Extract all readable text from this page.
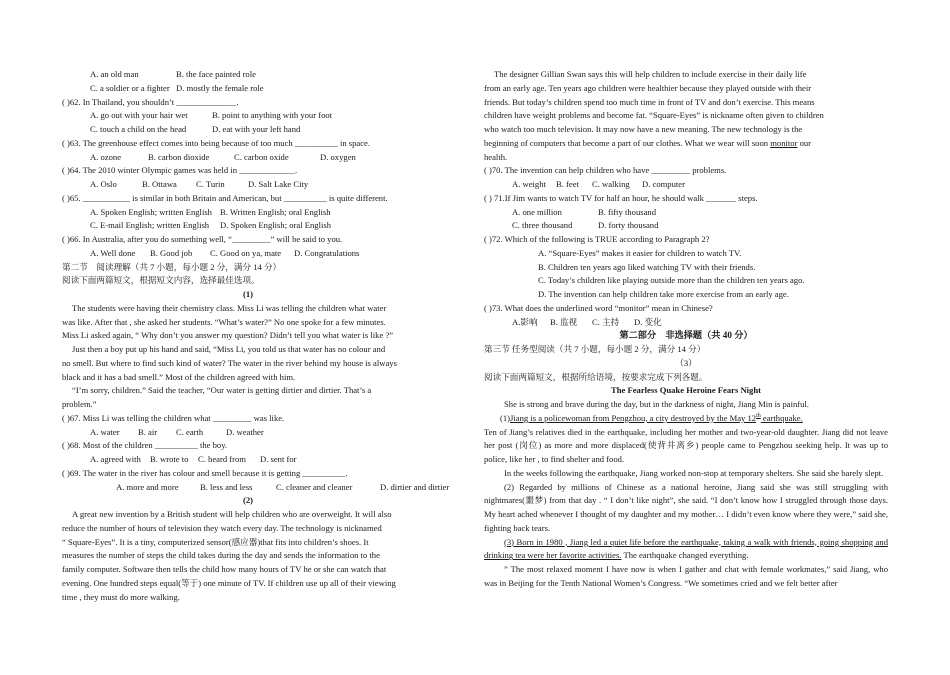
A. an old man	B. the face painted role
C. a soldier or a fighter D. mostly the female role
( )62. In Thailand, you shouldn’t ______________.
A. go out with your hair wet	B. point to anything with your foot
C. touch a child on the head	D. eat with your left hand
( )63. The greenhouse effect comes into being because of too much __________ in space.
A. ozone	B. carbon dioxide	C. carbon oxide	D. oxygen
( )64. The 2010 winter Olympic games was held in _____________.
A. Oslo	B. Ottawa C. Turin	D. Salt Lake City
( )65. ___________ is similar in both Britain and American, but __________ is quite different.
A. Spoken English; written English B. Written English; oral English
C. E-mail English; written English D. Spoken English; oral English
( )66. In Australia, after you do something well, “_________” will be said to you.
A. Well done B. Good job C. Good on ya, mate D. Congratulations
第二节　阅读理解（共 7 小题，每小题 2 分，满分 14 分）
阅读下面两篇短文，根据短文内容，选择最佳选项。
(1)
The students were having their chemistry class. Miss Li was telling the children what water
was like. After that , she asked her students. “What’s water?” No one spoke for a few minutes.
Miss Li asked again, “ Why don’t you answer my question? Didn’t tell you what water is like ?”
Just then a boy put up his hand and said, “Miss Li, you told us that water has no colour and
no smell. But where to find such kind of water? The water in the river behind my house is always
black and it has a bad smell.” Most of the children agreed with him.
“I’m sorry, children.” Said the teacher, “Our water is getting dirtier and dirtier. That’s a
problem.”
( )67. Miss Li was telling the children what _________ was like.
A. water B. air C. earth	D. weather
( )68. Most of the children __________ the boy.
A. agreed with B. wrote to C. heard from D. sent for
( )69. The water in the river has colour and smell because it is getting __________.
A. more and more B. less and less	C. cleaner and cleaner	D. dirtier and dirtier
(2)
A great new invention by a British student will help children who are overweight. It will also
reduce the number of hours of television they watch every day. The technology is nicknamed
“ Square-Eyes”. It is a tiny, computerized sensor(感应器)that fits into children’s shoes. It
measures the number of steps the child takes during the day and sends the information to the
family computer. Software then tells the child how many hours of TV he or she can watch that
evening. One hundred steps equal(等于) one minute of TV. If children use up all of their viewing
time , they must do more walking.
The designer Gillian Swan says this will help children to include exercise in their daily life
from an early age. Ten years ago children were healthier because they played outside with their
friends. But today’s children spend too much time in front of TV and don’t exercise. This means
children have weight problems and become fat. “Square-Eyes” is nickname often given to children
who watch too much television. It may now have a new meaning. The new technology is the
beginning of computers that become a part of our clothes. What we wear will soon monitor our
health.
( )70. The invention can help children who have _________ problems.
A. weight B. feet C. walking D. computer
( ) 71.If Jim wants to watch TV for half an hour, he should walk _______ steps.
A. one million	B. fifty thousand
C. three thousand	D. forty thousand
( )72. Which of the following is TRUE according to Paragraph 2?
A. “Square-Eyes” makes it easier for children to watch TV.
B. Children ten years ago liked watching TV with their friends.
C. Today’s children like playing outside more than the children ten years ago.
D. The invention can help children take more exercise from an early age.
( )73. What does the underlined word “monitor” mean in Chinese?
A.影响 B. 监视 C. 主持 D. 变化
第二部分　非选择题（共 40 分）
第三节 任务型阅读（共 7 小题，每小题 2 分，满分 14 分）
（3）
阅读下面两篇短文，根据所给语境，按要求完成下列各题。
The Fearless Quake Heroine Fears Night
She is strong and brave during the day, but in the darkness of night, Jiang Min is painful.
(1)Jiang is a policewoman from Pengzhou, a city destroyed by the May 12th earthquake.
Ten of Jiang’s relatives died in the earthquake, including her mother and two-year-old daughter. Jiang did not leave her post (岗位) as more and more displaced(使背井离乡) people came to Pengzhou seeking help. It was up to police, like her , to find shelter and food.
In the weeks following the earthquake, Jiang worked non-stop at temporary shelters. She said she barely slept.
(2) Regarded by millions of Chinese as a national heroine, Jiang said she was still struggling with nightmares(噩梦) from that day . “ I don’t like night”, she said. “I don’t know how I struggled through those days. My heart ached whenever I thought of my daughter and my mother… I didn’t even know where they were,” said she, fighting back tears.
(3) Born in 1980 , Jiang led a quiet life before the earthquake, taking a walk with friends, going shopping and drinking tea were her favorite activities. The earthquake changed everything.
” The most relaxed moment I have now is when I gather and chat with female workmates,” said Jiang, who was in Beijing for the Tenth National Women’s Congress. “We sometimes cried and we felt better after
